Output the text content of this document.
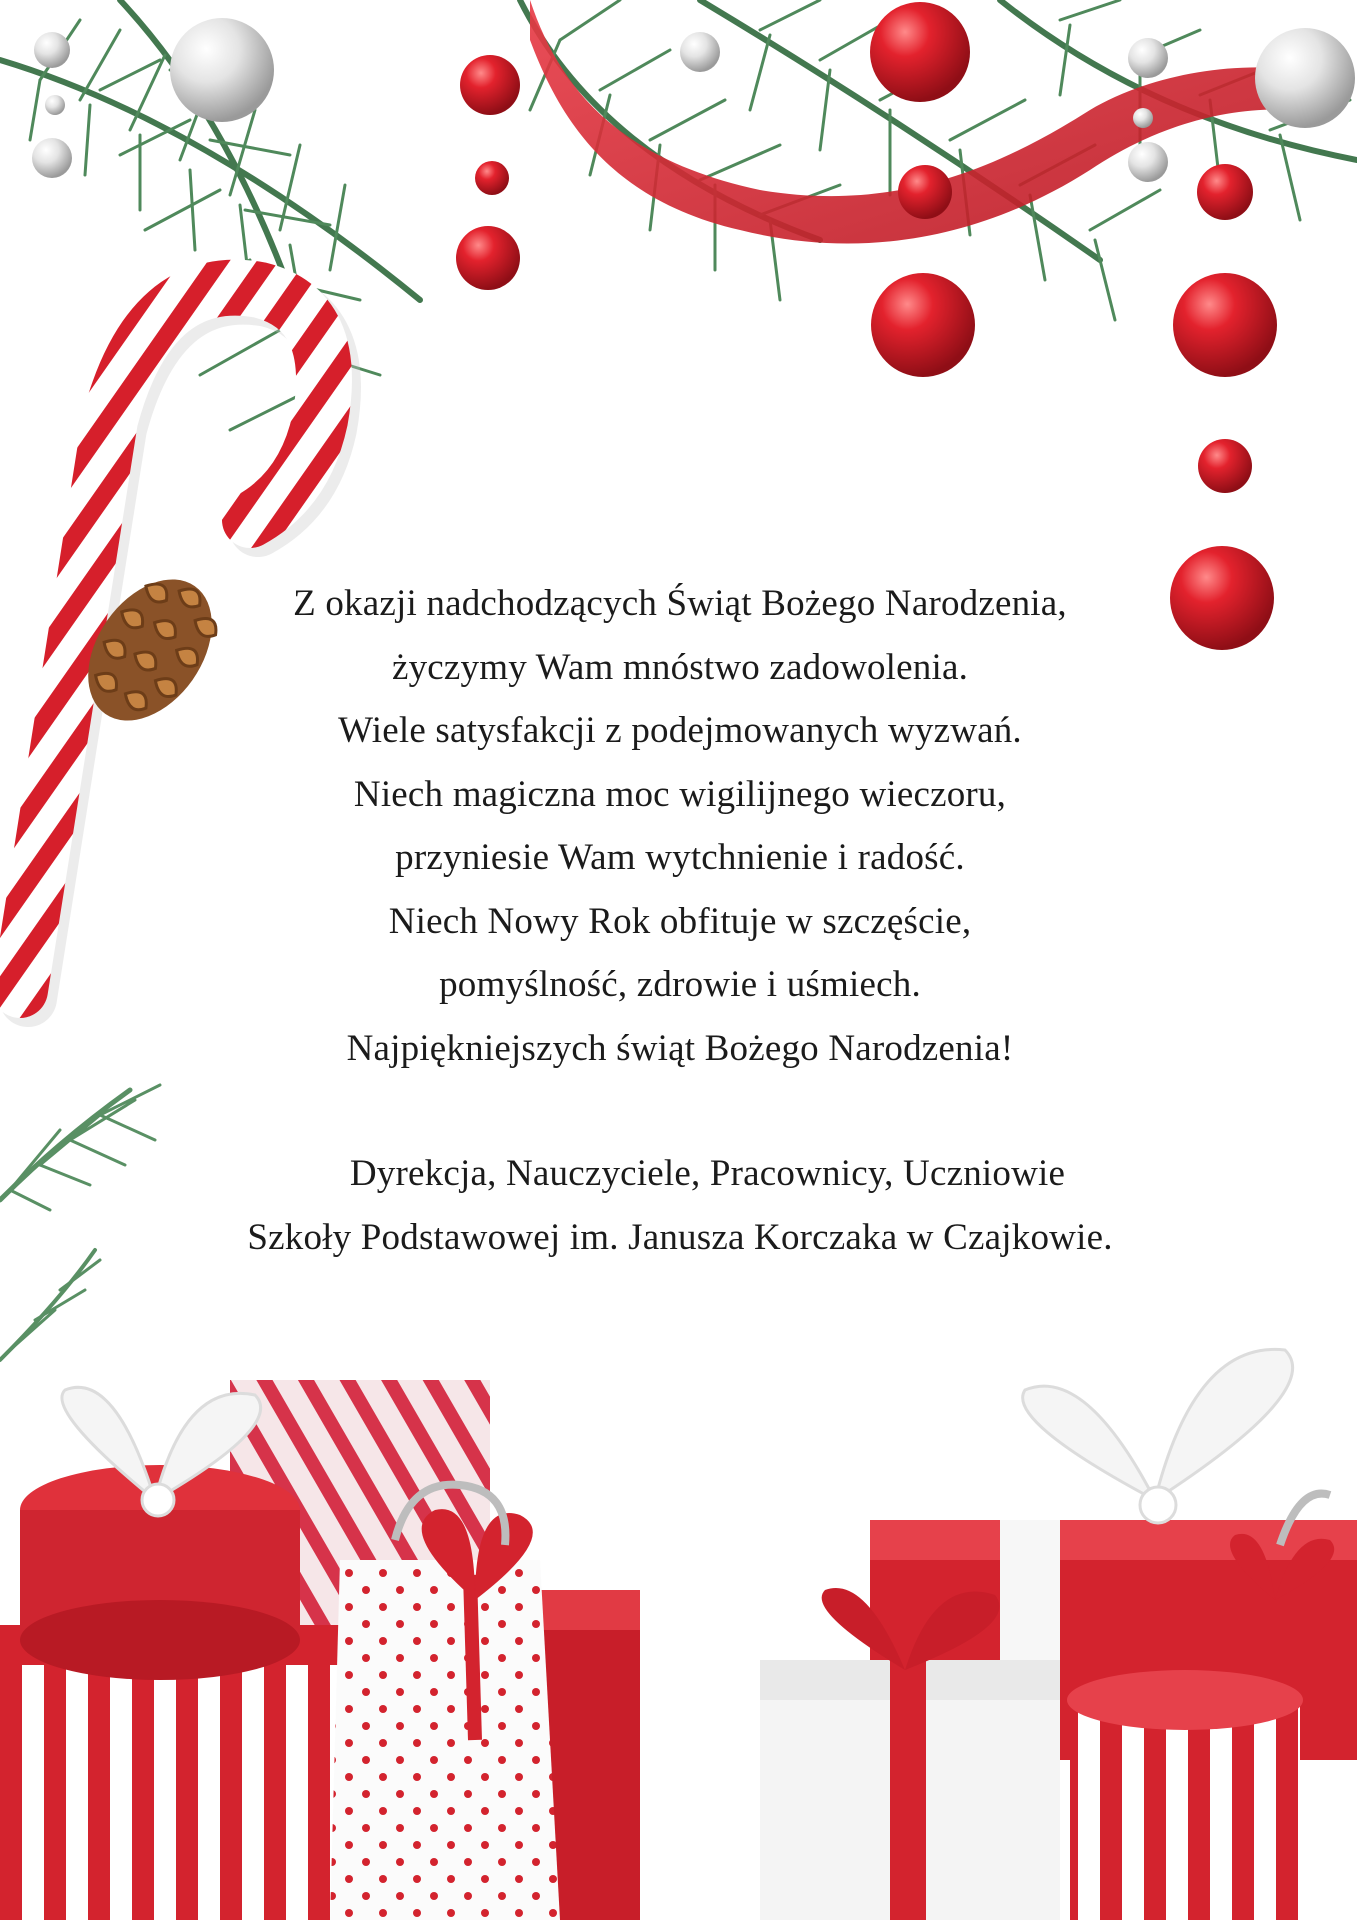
Z okazji nadchodzących Świąt Bożego Narodzenia,
życzymy Wam mnóstwo zadowolenia.
Wiele satysfakcji z podejmowanych wyzwań.
Niech magiczna moc wigilijnego wieczoru,
przyniesie Wam wytchnienie i radość.
Niech Nowy Rok obfituje w szczęście,
pomyślność, zdrowie i uśmiech.
Najpiękniejszych świąt Bożego Narodzenia!
Dyrekcja, Nauczyciele, Pracownicy, Uczniowie
Szkoły Podstawowej im. Janusza Korczaka w Czajkowie.
